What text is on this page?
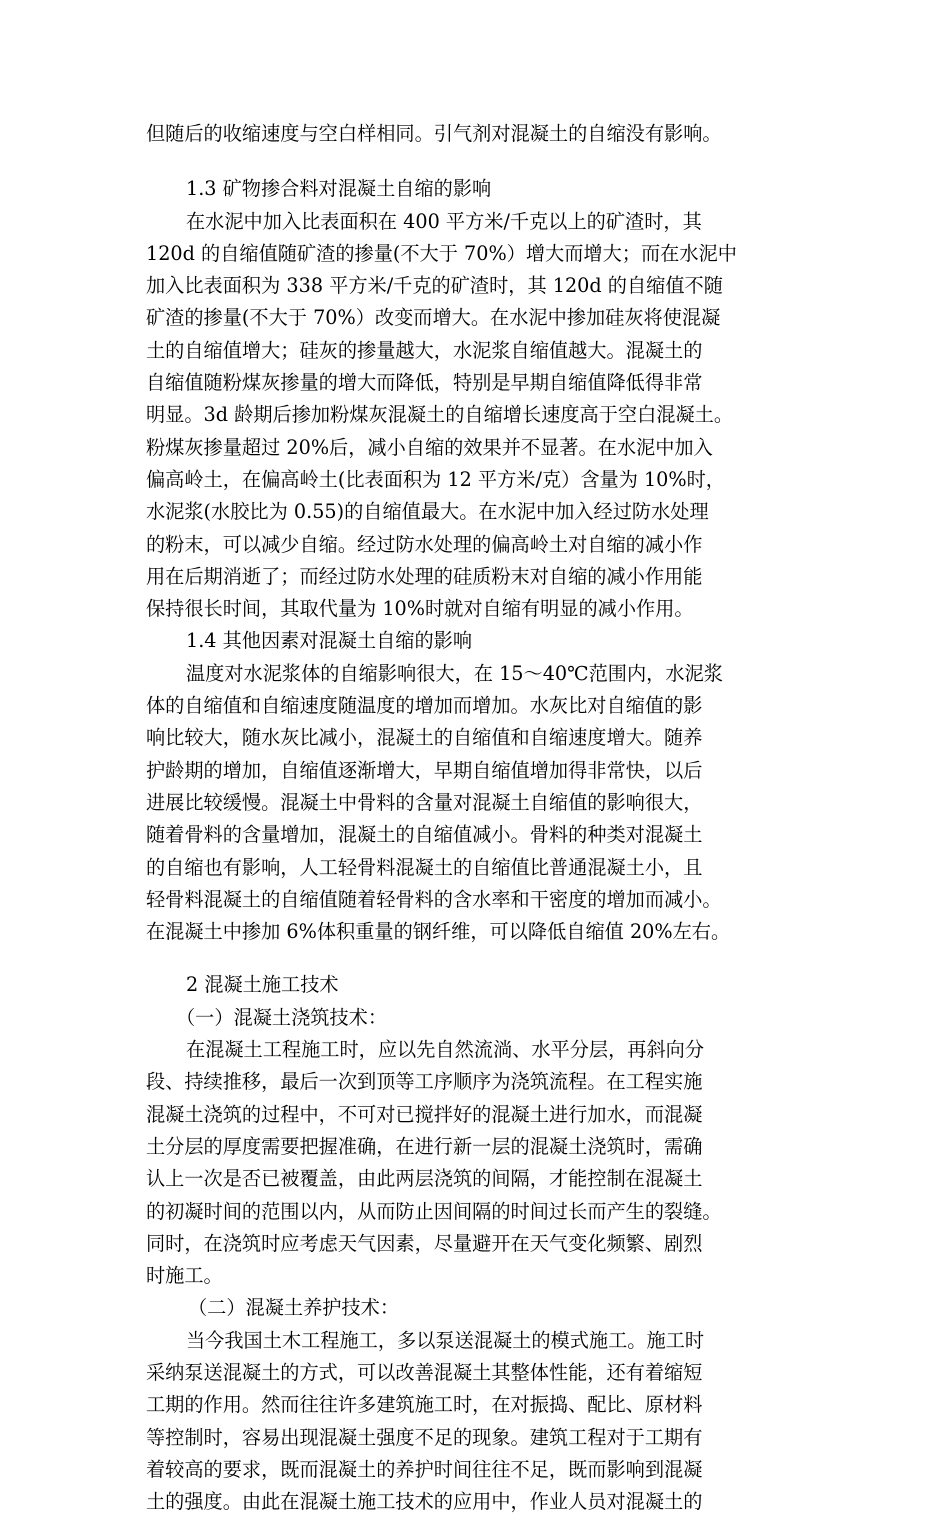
但随后的收缩速度与空白样相同。引气剂对混凝土的自缩没有影响。
1.3 矿物掺合料对混凝土自缩的影响
在水泥中加入比表面积在 400 平方米/千克以上的矿渣时，其
120d 的自缩值随矿渣的掺量(不大于 70%）增大而增大；而在水泥中
加入比表面积为 338 平方米/千克的矿渣时，其 120d 的自缩值不随
矿渣的掺量(不大于 70%）改变而增大。在水泥中掺加硅灰将使混凝
土的自缩值增大；硅灰的掺量越大，水泥浆自缩值越大。混凝土的
自缩值随粉煤灰掺量的增大而降低，特别是早期自缩值降低得非常
明显。3d 龄期后掺加粉煤灰混凝土的自缩增长速度高于空白混凝土。
粉煤灰掺量超过 20%后，减小自缩的效果并不显著。在水泥中加入
偏高岭土，在偏高岭土(比表面积为 12 平方米/克）含量为 10%时，
水泥浆(水胶比为 0.55)的自缩值最大。在水泥中加入经过防水处理
的粉末，可以减少自缩。经过防水处理的偏高岭土对自缩的减小作
用在后期消逝了；而经过防水处理的硅质粉末对自缩的减小作用能
保持很长时间，其取代量为 10%时就对自缩有明显的减小作用。
1.4 其他因素对混凝土自缩的影响
温度对水泥浆体的自缩影响很大，在 15～40℃范围内，水泥浆
体的自缩值和自缩速度随温度的增加而增加。水灰比对自缩值的影
响比较大，随水灰比减小，混凝土的自缩值和自缩速度增大。随养
护龄期的增加，自缩值逐渐增大，早期自缩值增加得非常快，以后
进展比较缓慢。混凝土中骨料的含量对混凝土自缩值的影响很大，
随着骨料的含量增加，混凝土的自缩值减小。骨料的种类对混凝土
的自缩也有影响，人工轻骨料混凝土的自缩值比普通混凝土小，且
轻骨料混凝土的自缩值随着轻骨料的含水率和干密度的增加而减小。
在混凝土中掺加 6%体积重量的钢纤维，可以降低自缩值 20%左右。
2 混凝土施工技术
（一）混凝土浇筑技术：
在混凝土工程施工时，应以先自然流淌、水平分层，再斜向分
段、持续推移，最后一次到顶等工序顺序为浇筑流程。在工程实施
混凝土浇筑的过程中，不可对已搅拌好的混凝土进行加水，而混凝
土分层的厚度需要把握准确，在进行新一层的混凝土浇筑时，需确
认上一次是否已被覆盖，由此两层浇筑的间隔，才能控制在混凝土
的初凝时间的范围以内，从而防止因间隔的时间过长而产生的裂缝。
同时，在浇筑时应考虑天气因素，尽量避开在天气变化频繁、剧烈
时施工。
（二）混凝土养护技术：
当今我国土木工程施工，多以泵送混凝土的模式施工。施工时
采纳泵送混凝土的方式，可以改善混凝土其整体性能，还有着缩短
工期的作用。然而往往许多建筑施工时，在对振捣、配比、原材料
等控制时，容易出现混凝土强度不足的现象。建筑工程对于工期有
着较高的要求，既而混凝土的养护时间往往不足，既而影响到混凝
土的强度。由此在混凝土施工技术的应用中，作业人员对混凝土的
